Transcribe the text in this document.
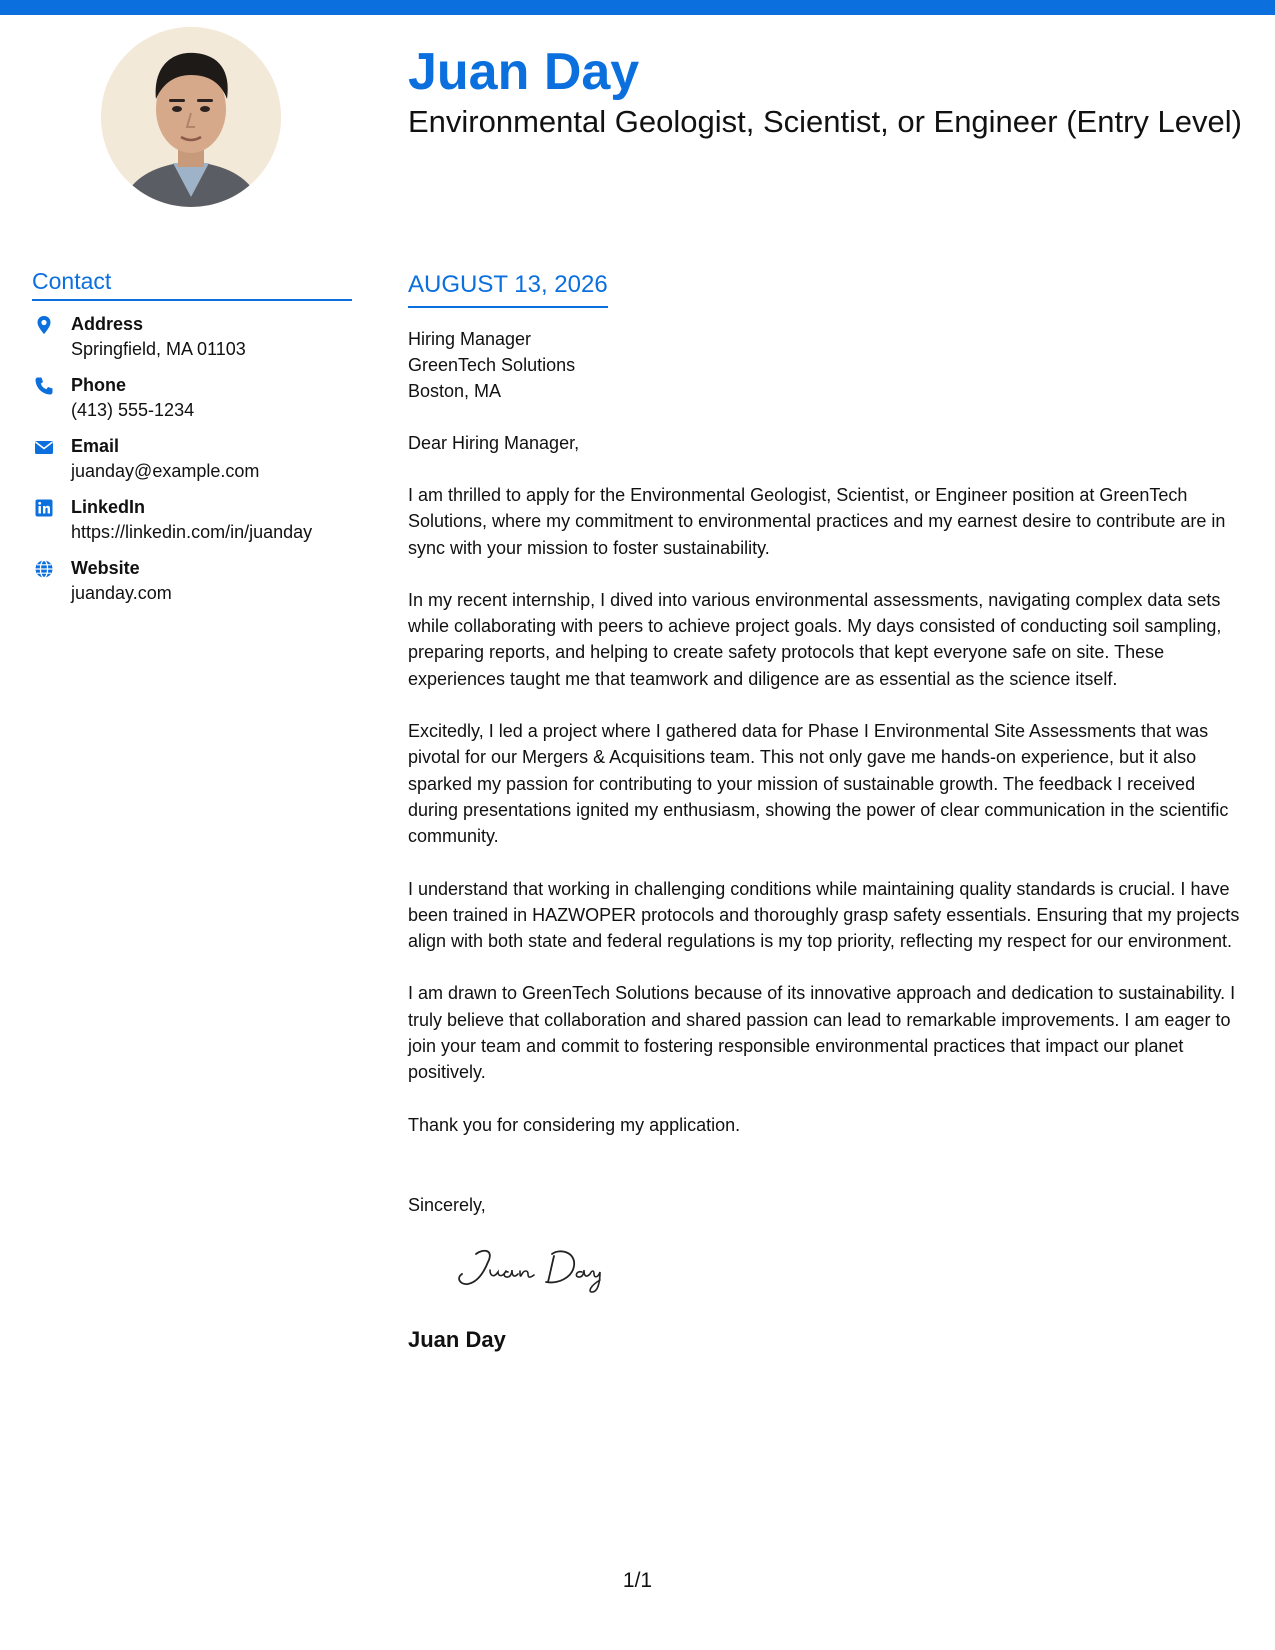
Juan Day
Environmental Geologist, Scientist, or Engineer (Entry Level)
Contact
Address
Springfield, MA 01103
Phone
(413) 555-1234
Email
juanday@example.com
LinkedIn
https://linkedin.com/in/juanday
Website
juanday.com
AUGUST 13, 2026
Hiring Manager
GreenTech Solutions
Boston, MA
Dear Hiring Manager,
I am thrilled to apply for the Environmental Geologist, Scientist, or Engineer position at GreenTech Solutions, where my commitment to environmental practices and my earnest desire to contribute are in sync with your mission to foster sustainability.
In my recent internship, I dived into various environmental assessments, navigating complex data sets while collaborating with peers to achieve project goals. My days consisted of conducting soil sampling, preparing reports, and helping to create safety protocols that kept everyone safe on site. These experiences taught me that teamwork and diligence are as essential as the science itself.
Excitedly, I led a project where I gathered data for Phase I Environmental Site Assessments that was pivotal for our Mergers & Acquisitions team. This not only gave me hands-on experience, but it also sparked my passion for contributing to your mission of sustainable growth. The feedback I received during presentations ignited my enthusiasm, showing the power of clear communication in the scientific community.
I understand that working in challenging conditions while maintaining quality standards is crucial. I have been trained in HAZWOPER protocols and thoroughly grasp safety essentials. Ensuring that my projects align with both state and federal regulations is my top priority, reflecting my respect for our environment.
I am drawn to GreenTech Solutions because of its innovative approach and dedication to sustainability. I truly believe that collaboration and shared passion can lead to remarkable improvements. I am eager to join your team and commit to fostering responsible environmental practices that impact our planet positively.
Thank you for considering my application.
Sincerely,
Juan Day
1/1
